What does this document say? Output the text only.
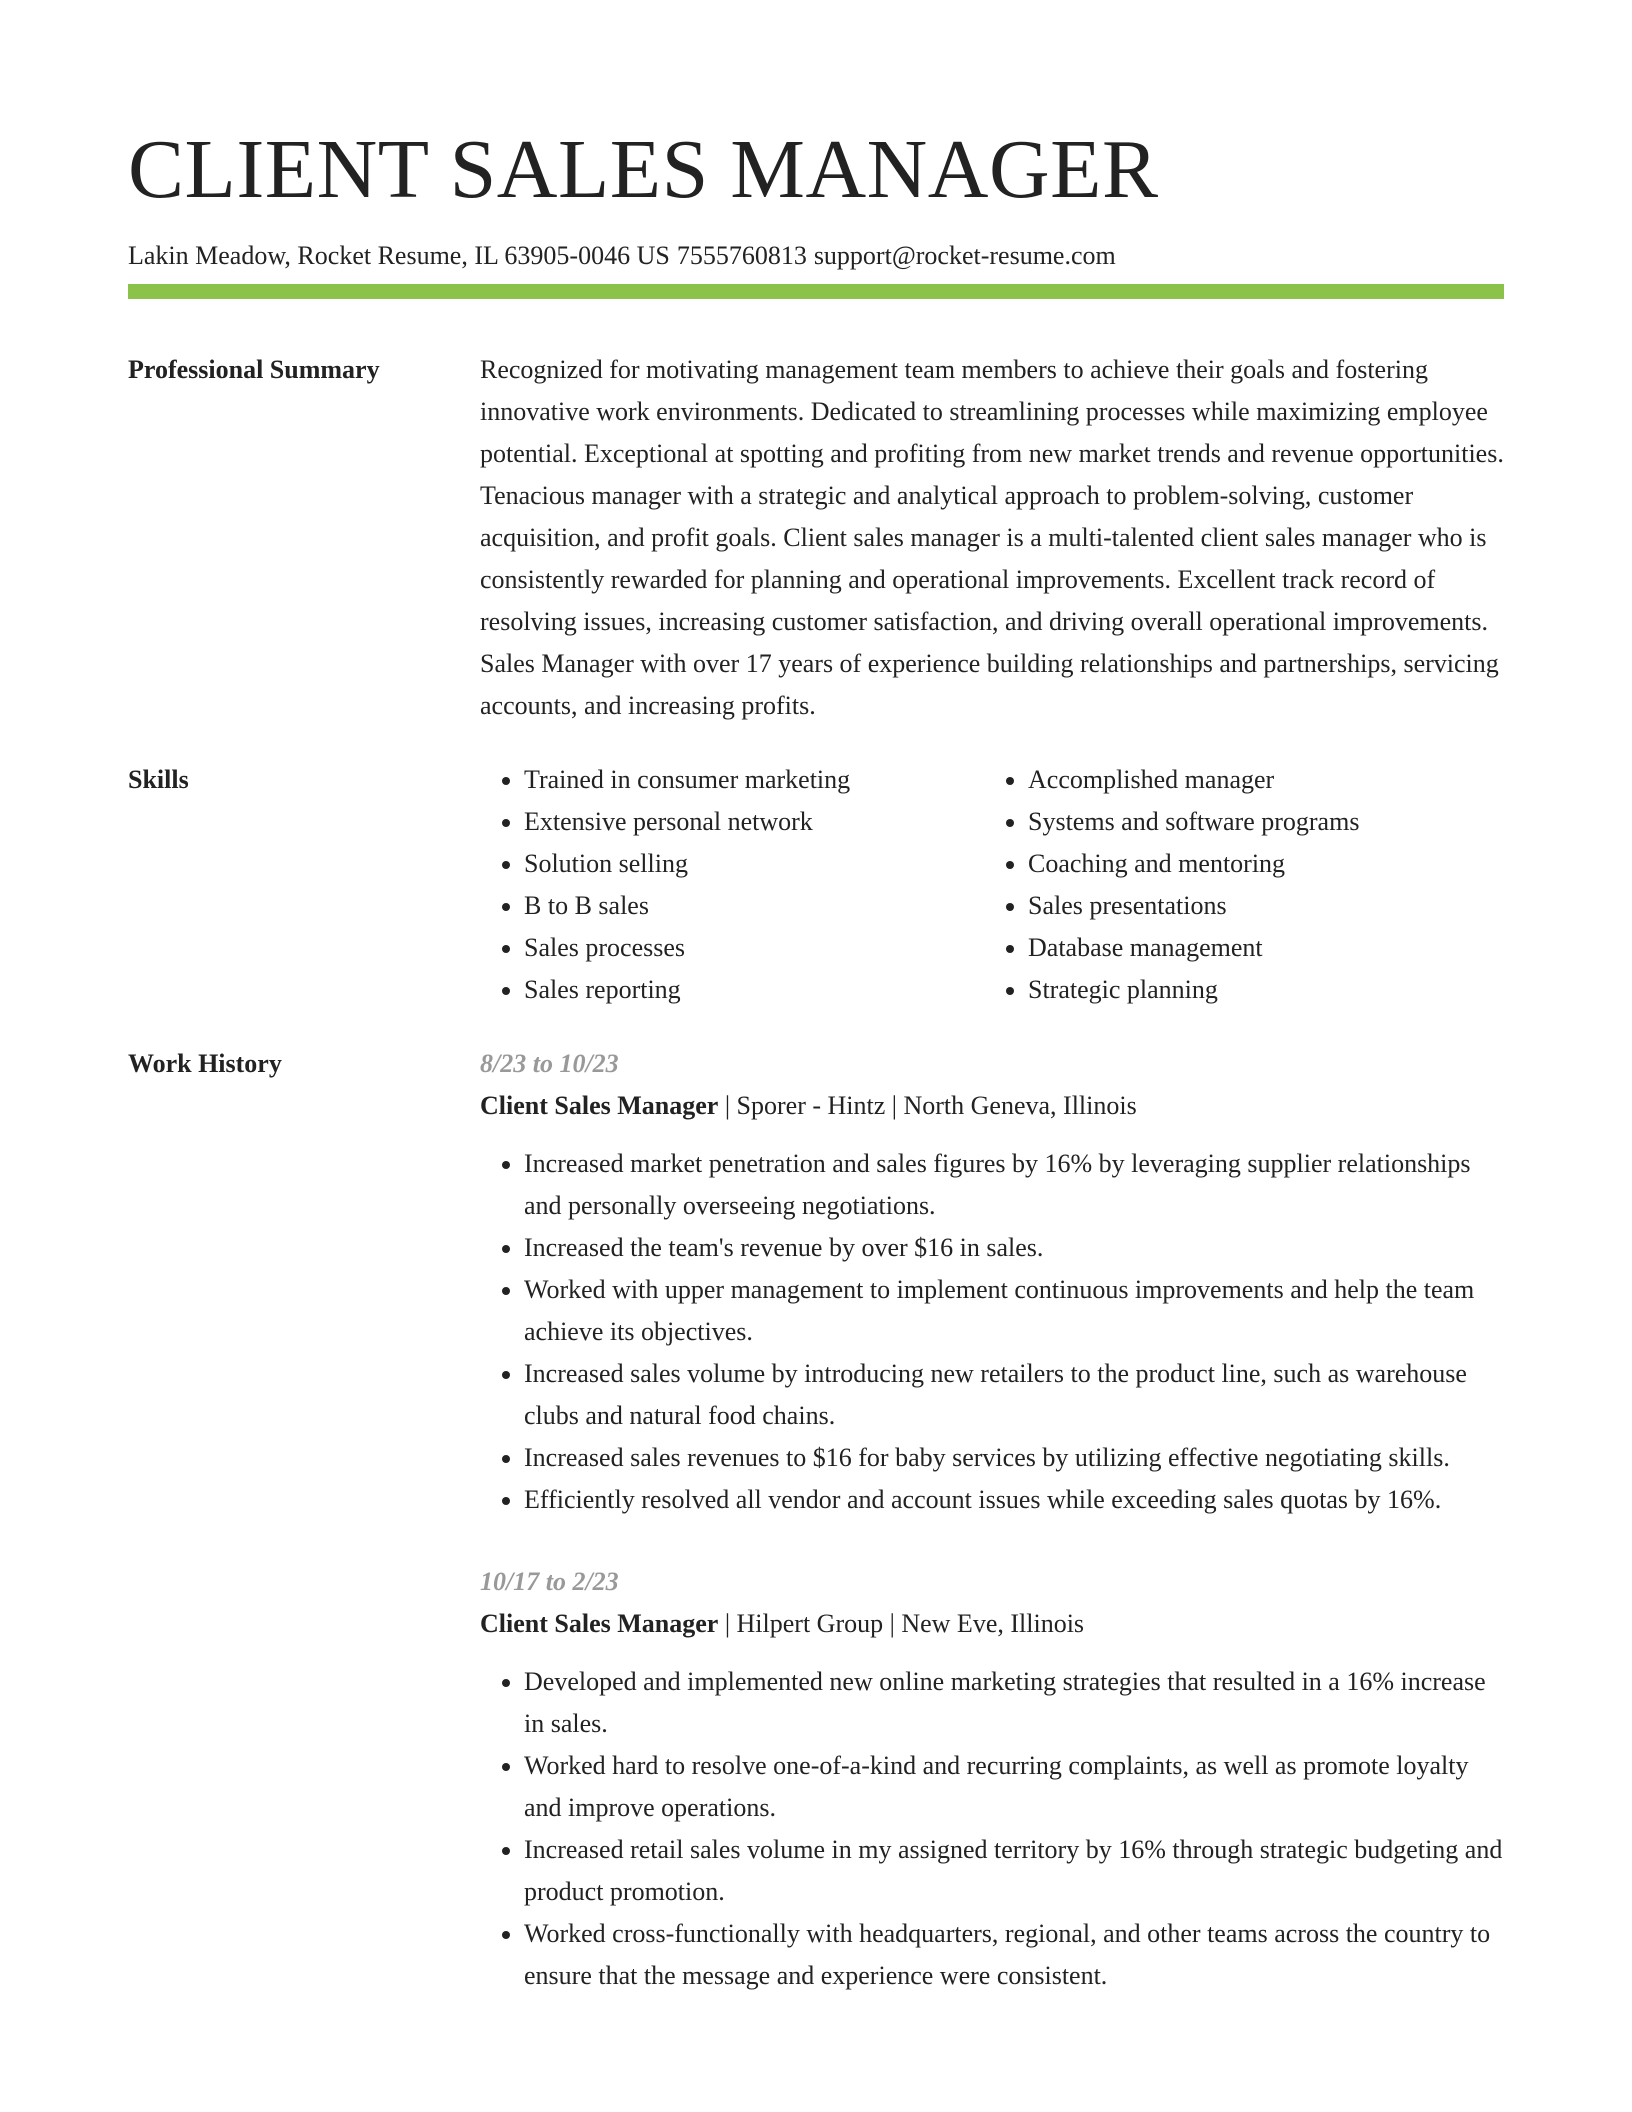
CLIENT SALES MANAGER
Lakin Meadow, Rocket Resume, IL 63905-0046 US 7555760813 support@rocket-resume.com
Professional Summary	Recognized for motivating management team members to achieve their goals and fostering innovative work environments. Dedicated to streamlining processes while maximizing employee potential. Exceptional at spotting and profiting from new market trends and revenue opportunities. Tenacious manager with a strategic and analytical approach to problem-solving, customer acquisition, and profit goals. Client sales manager is a multi-talented client sales manager who is consistently rewarded for planning and operational improvements. Excellent track record of resolving issues, increasing customer satisfaction, and driving overall operational improvements. Sales Manager with over 17 years of experience building relationships and partnerships, servicing accounts, and increasing profits.

Skills
•	Trained in consumer marketing
• Extensive personal network
• Solution selling
• B to B sales
• Sales processes
• Sales reporting
• Accomplished manager
• Systems and software programs
• Coaching and mentoring
• Sales presentations
• Database management
• Strategic planning
Work History	8/23 to 10/23
Client Sales Manager | Sporer - Hintz | North Geneva, Illinois
• Increased market penetration and sales figures by 16% by leveraging supplier relationships and personally overseeing negotiations.
• Increased the team's revenue by over $16 in sales.
• Worked with upper management to implement continuous improvements and help the team achieve its objectives.
• Increased sales volume by introducing new retailers to the product line, such as warehouse clubs and natural food chains.
• Increased sales revenues to $16 for baby services by utilizing effective negotiating skills.
• Efficiently resolved all vendor and account issues while exceeding sales quotas by 16%.
10/17 to 2/23
Client Sales Manager | Hilpert Group | New Eve, Illinois
• Developed and implemented new online marketing strategies that resulted in a 16% increase in sales.
• Worked hard to resolve one-of-a-kind and recurring complaints, as well as promote loyalty and improve operations.
• Increased retail sales volume in my assigned territory by 16% through strategic budgeting and product promotion.
• Worked cross-functionally with headquarters, regional, and other teams across the country to ensure that the message and experience were consistent.
